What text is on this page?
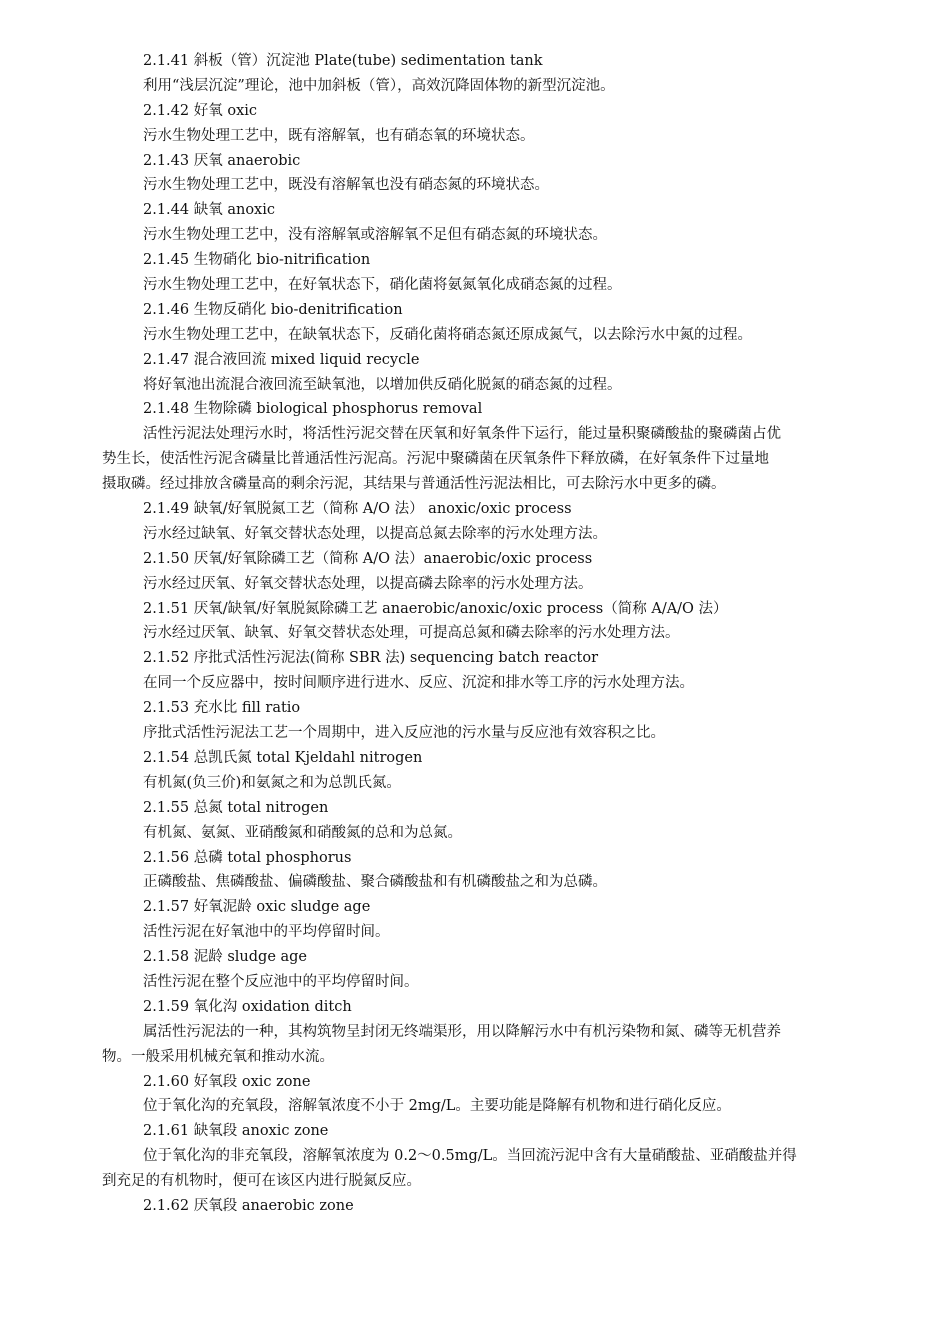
2.1.41 斜板（管）沉淀池 Plate(tube) sedimentation tank
利用“浅层沉淀”理论，池中加斜板（管），高效沉降固体物的新型沉淀池。
2.1.42 好氧 oxic
污水生物处理工艺中，既有溶解氧，也有硝态氧的环境状态。
2.1.43 厌氧 anaerobic
污水生物处理工艺中，既没有溶解氧也没有硝态氮的环境状态。
2.1.44 缺氧 anoxic
污水生物处理工艺中，没有溶解氧或溶解氧不足但有硝态氮的环境状态。
2.1.45 生物硝化 bio-nitrification
污水生物处理工艺中，在好氧状态下，硝化菌将氨氮氧化成硝态氮的过程。
2.1.46 生物反硝化 bio-denitrification
污水生物处理工艺中，在缺氧状态下，反硝化菌将硝态氮还原成氮气，以去除污水中氮的过程。
2.1.47 混合液回流 mixed liquid recycle
将好氧池出流混合液回流至缺氧池，以增加供反硝化脱氮的硝态氮的过程。
2.1.48 生物除磷 biological phosphorus removal
活性污泥法处理污水时，将活性污泥交替在厌氧和好氧条件下运行，能过量积聚磷酸盐的聚磷菌占优
势生长，使活性污泥含磷量比普通活性污泥高。污泥中聚磷菌在厌氧条件下释放磷，在好氧条件下过量地
摄取磷。经过排放含磷量高的剩余污泥，其结果与普通活性污泥法相比，可去除污水中更多的磷。
2.1.49 缺氧/好氧脱氮工艺（简称 A/O 法） anoxic/oxic process
污水经过缺氧、好氧交替状态处理，以提高总氮去除率的污水处理方法。
2.1.50 厌氧/好氧除磷工艺（简称 A/O 法）anaerobic/oxic process
污水经过厌氧、好氧交替状态处理，以提高磷去除率的污水处理方法。
2.1.51 厌氧/缺氧/好氧脱氮除磷工艺 anaerobic/anoxic/oxic process（简称 A/A/O 法）
污水经过厌氧、缺氧、好氧交替状态处理，可提高总氮和磷去除率的污水处理方法。
2.1.52 序批式活性污泥法(简称 SBR 法) sequencing batch reactor
在同一个反应器中，按时间顺序进行进水、反应、沉淀和排水等工序的污水处理方法。
2.1.53 充水比 fill ratio
序批式活性污泥法工艺一个周期中，进入反应池的污水量与反应池有效容积之比。
2.1.54 总凯氏氮 total Kjeldahl nitrogen
有机氮(负三价)和氨氮之和为总凯氏氮。
2.1.55 总氮 total nitrogen
有机氮、氨氮、亚硝酸氮和硝酸氮的总和为总氮。
2.1.56 总磷 total phosphorus
正磷酸盐、焦磷酸盐、偏磷酸盐、聚合磷酸盐和有机磷酸盐之和为总磷。
2.1.57 好氧泥龄 oxic sludge age
活性污泥在好氧池中的平均停留时间。
2.1.58 泥龄 sludge age
活性污泥在整个反应池中的平均停留时间。
2.1.59 氧化沟 oxidation ditch
属活性污泥法的一种，其构筑物呈封闭无终端渠形，用以降解污水中有机污染物和氮、磷等无机营养
物。一般采用机械充氧和推动水流。
2.1.60 好氧段 oxic zone
位于氧化沟的充氧段，溶解氧浓度不小于 2mg/L。主要功能是降解有机物和进行硝化反应。
2.1.61 缺氧段 anoxic zone
位于氧化沟的非充氧段，溶解氧浓度为 0.2～0.5mg/L。当回流污泥中含有大量硝酸盐、亚硝酸盐并得
到充足的有机物时，便可在该区内进行脱氮反应。
2.1.62 厌氧段 anaerobic zone
